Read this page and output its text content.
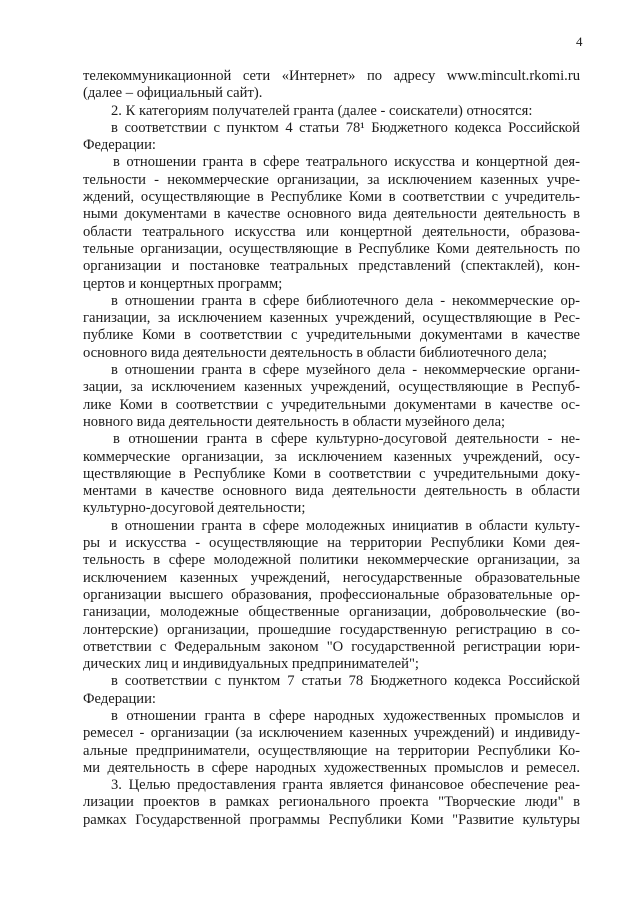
4
телекоммуникационной сети «Интернет» по адресу www.mincult.rkomi.ru
(далее – официальный сайт).
2. К категориям получателей гранта (далее - соискатели) относятся:
в соответствии с пунктом 4 статьи 78¹ Бюджетного кодекса Российской
Федерации:
в отношении гранта в сфере театрального искусства и концертной дея-
тельности - некоммерческие организации, за исключением казенных учре-
ждений, осуществляющие в Республике Коми в соответствии с учредитель-
ными документами в качестве основного вида деятельности деятельность в
области театрального искусства или концертной деятельности, образова-
тельные организации, осуществляющие в Республике Коми деятельность по
организации и постановке театральных представлений (спектаклей), кон-
цертов и концертных программ;
в отношении гранта в сфере библиотечного дела - некоммерческие ор-
ганизации, за исключением казенных учреждений, осуществляющие в Рес-
публике Коми в соответствии с учредительными документами в качестве
основного вида деятельности деятельность в области библиотечного дела;
в отношении гранта в сфере музейного дела - некоммерческие органи-
зации, за исключением казенных учреждений, осуществляющие в Респуб-
лике Коми в соответствии с учредительными документами в качестве ос-
новного вида деятельности деятельность в области музейного дела;
в отношении гранта в сфере культурно-досуговой деятельности - не-
коммерческие организации, за исключением казенных учреждений, осу-
ществляющие в Республике Коми в соответствии с учредительными доку-
ментами в качестве основного вида деятельности деятельность в области
культурно-досуговой деятельности;
в отношении гранта в сфере молодежных инициатив в области культу-
ры и искусства - осуществляющие на территории Республики Коми дея-
тельность в сфере молодежной политики некоммерческие организации, за
исключением казенных учреждений, негосударственные образовательные
организации высшего образования, профессиональные образовательные ор-
ганизации, молодежные общественные организации, добровольческие (во-
лонтерские) организации, прошедшие государственную регистрацию в со-
ответствии с Федеральным законом "О государственной регистрации юри-
дических лиц и индивидуальных предпринимателей";
в соответствии с пунктом 7 статьи 78 Бюджетного кодекса Российской
Федерации:
в отношении гранта в сфере народных художественных промыслов и
ремесел - организации (за исключением казенных учреждений) и индивиду-
альные предприниматели, осуществляющие на территории Республики Ко-
ми деятельность в сфере народных художественных промыслов и ремесел.
3. Целью предоставления гранта является финансовое обеспечение реа-
лизации проектов в рамках регионального проекта "Творческие люди" в
рамках Государственной программы Республики Коми "Развитие культуры
